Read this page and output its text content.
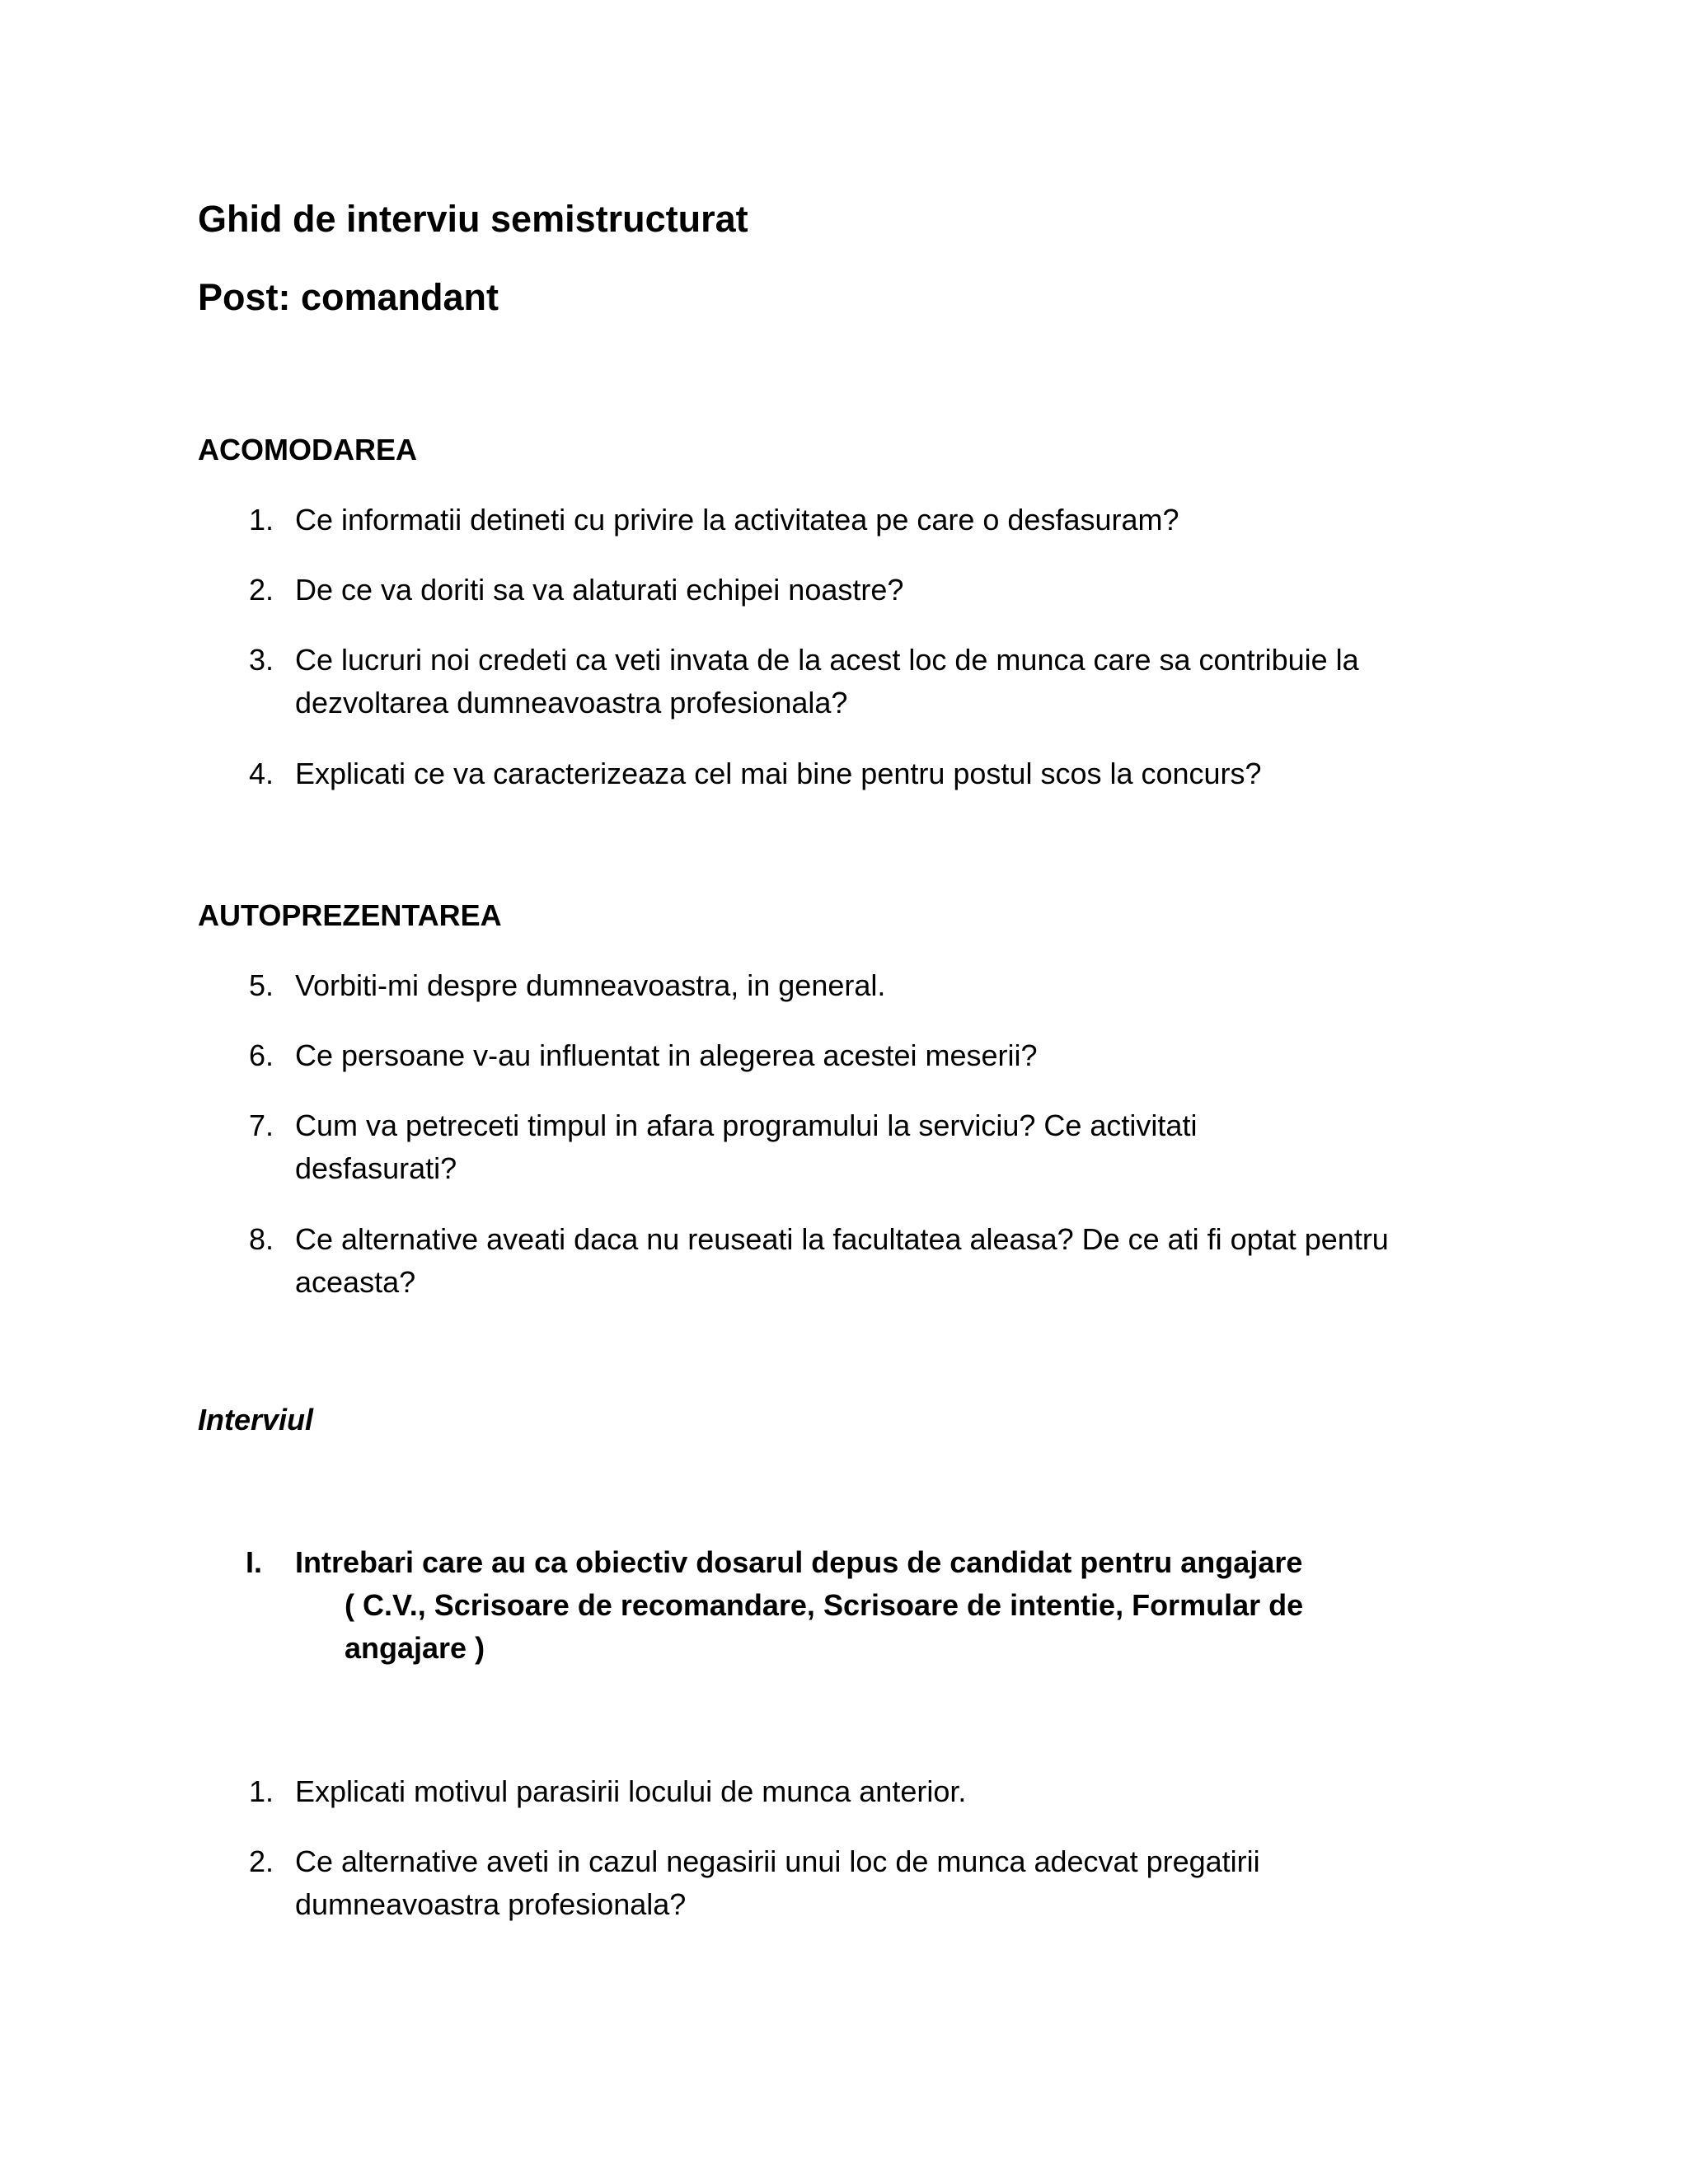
Ghid de interviu semistructurat
Post: comandant
ACOMODAREA
1. Ce informatii detineti cu privire la activitatea pe care o desfasuram?
2. De ce va doriti sa va alaturati echipei noastre?
3. Ce lucruri noi credeti ca veti invata de la acest loc de munca care sa contribuie la dezvoltarea dumneavoastra profesionala?
4. Explicati ce va caracterizeaza cel mai bine pentru postul scos la concurs?
AUTOPREZENTAREA
5. Vorbiti-mi despre dumneavoastra, in general.
6. Ce persoane v-au influentat in alegerea acestei meserii?
7. Cum va petreceti timpul in afara programului la serviciu? Ce activitati desfasurati?
8. Ce alternative aveati daca nu reuseati la facultatea aleasa? De ce ati fi optat pentru aceasta?
Interviul
I. Intrebari care au ca obiectiv dosarul depus de candidat pentru angajare
( C.V., Scrisoare de recomandare, Scrisoare de intentie, Formular de
angajare )
1. Explicati motivul parasirii locului de munca anterior.
2. Ce alternative aveti in cazul negasirii unui loc de munca adecvat pregatirii dumneavoastra profesionala?
